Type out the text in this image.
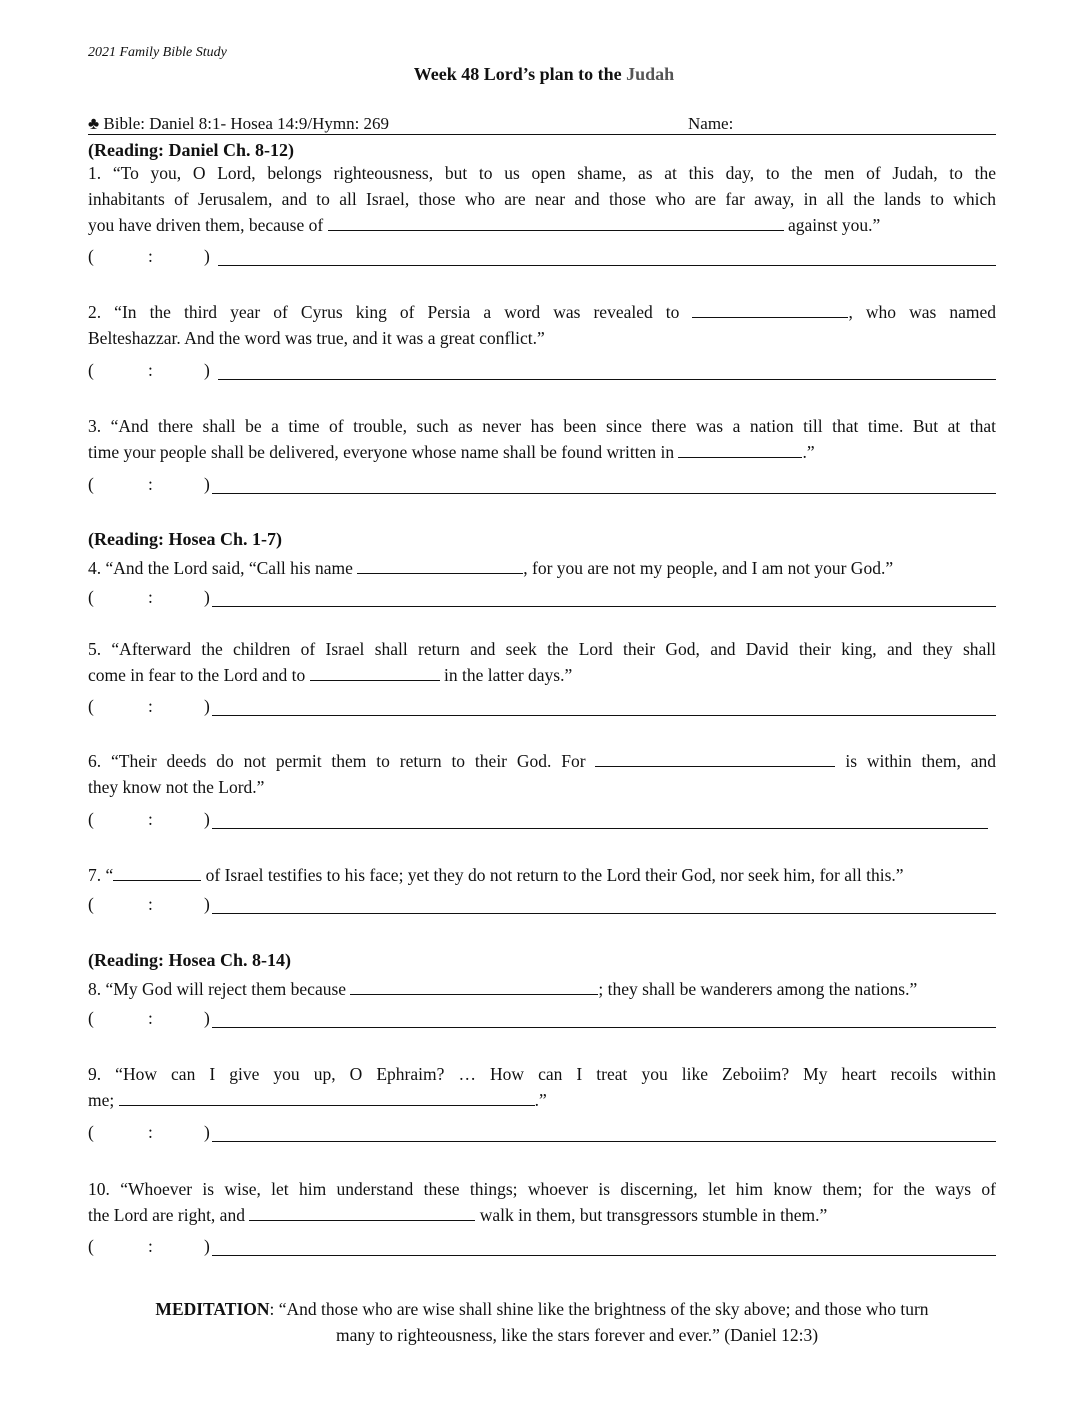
2021 Family Bible Study
Week 48 Lord’s plan to the Judah
♣ Bible: Daniel 8:1- Hosea 14:9/Hymn: 269	Name:
(Reading: Daniel Ch. 8-12)
1. “To you, O Lord, belongs righteousness, but to us open shame, as at this day, to the men of Judah, to the
inhabitants of Jerusalem, and to all Israel, those who are near and those who are far away, in all the lands to which
you have driven them, because of	against you.”
(	:	)
2. “In the third year of Cyrus king of Persia a word was revealed to	, who was named
Belteshazzar. And the word was true, and it was a great conflict.”
(	:	)
3. “And there shall be a time of trouble, such as never has been since there was a nation till that time. But at that
time your people shall be delivered, everyone whose name shall be found written in	.”
(	:	)
(Reading: Hosea Ch. 1-7)
4. “And the Lord said, “Call his name	, for you are not my people, and I am not your God.”
(	:	)
5. “Afterward the children of Israel shall return and seek the Lord their God, and David their king, and they shall
come in fear to the Lord and to	in the latter days.”
(	:	)
6. “Their deeds do not permit them to return to their God. For	is within them, and
they know not the Lord.”
(	:	)
7. “	of Israel testifies to his face; yet they do not return to the Lord their God, nor seek him, for all this.”
(	:	)
(Reading: Hosea Ch. 8-14)
8. “My God will reject them because	; they shall be wanderers among the nations.”
(	:	)
9. “How can I give you up, O Ephraim? … How can I treat you like Zeboiim? My heart recoils within
me;	.”
(	:	)
10. “Whoever is wise, let him understand these things; whoever is discerning, let him know them; for the ways of
the Lord are right, and	walk in them, but transgressors stumble in them.”
(	:	)
MEDITATION: “And those who are wise shall shine like the brightness of the sky above; and those who turn
many to righteousness, like the stars forever and ever.” (Daniel 12:3)
